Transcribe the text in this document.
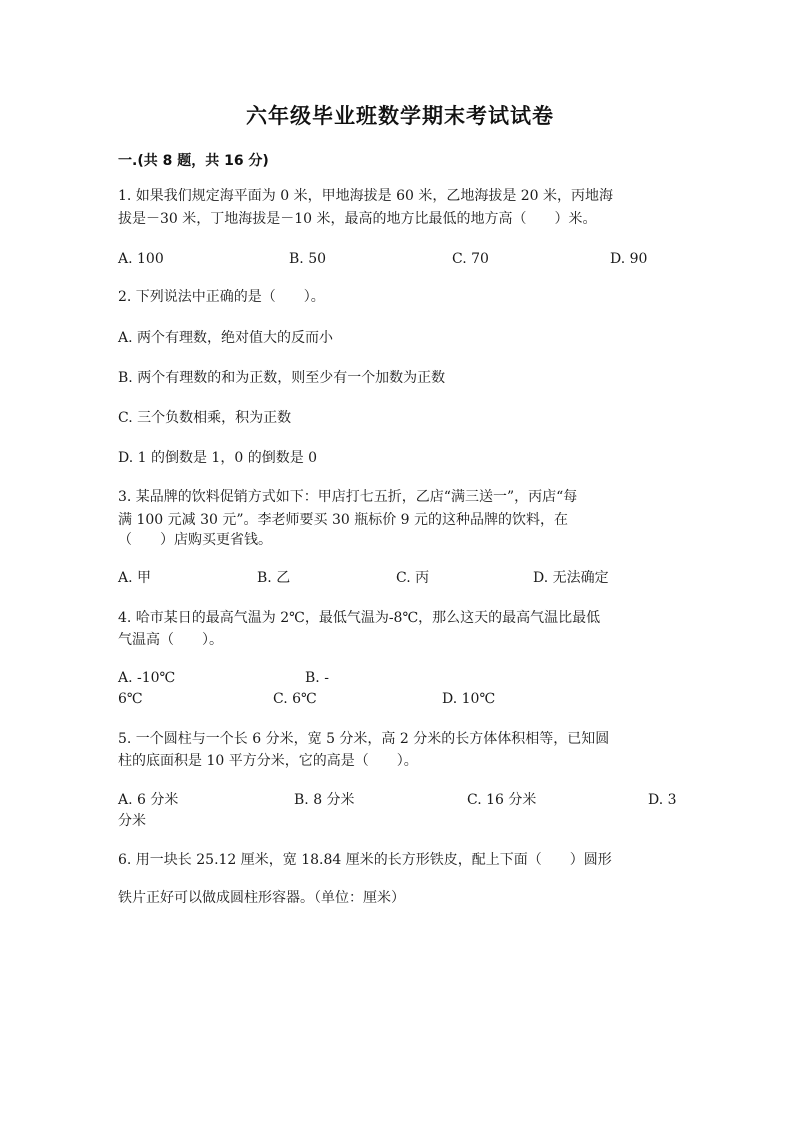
六年级毕业班数学期末考试试卷
一.(共 8 题，共 16 分)
1. 如果我们规定海平面为 0 米，甲地海拔是 60 米，乙地海拔是 20 米，丙地海
拔是－30 米，丁地海拔是－10 米，最高的地方比最低的地方高（　　）米。
A. 100	B. 50	C. 70	D. 90
2. 下列说法中正确的是（　　）。
A. 两个有理数，绝对值大的反而小
B. 两个有理数的和为正数，则至少有一个加数为正数
C. 三个负数相乘，积为正数
D. 1 的倒数是 1，0 的倒数是 0
3. 某品牌的饮料促销方式如下：甲店打七五折，乙店“满三送一”，丙店“每
满 100 元减 30 元”。李老师要买 30 瓶标价 9 元的这种品牌的饮料，在
（　　）店购买更省钱。
A. 甲	B. 乙	C. 丙	D. 无法确定
4. 哈市某日的最高气温为 2℃，最低气温为-8℃，那么这天的最高气温比最低
气温高（　　）。
A. -10℃	B. -
6℃	C. 6℃	D. 10℃
5. 一个圆柱与一个长 6 分米，宽 5 分米，高 2 分米的长方体体积相等，已知圆
柱的底面积是 10 平方分米，它的高是（　　）。
A. 6 分米	B. 8 分米	C. 16 分米	D. 3
分米
6. 用一块长 25.12 厘米，宽 18.84 厘米的长方形铁皮，配上下面（　　）圆形
铁片正好可以做成圆柱形容器。（单位：厘米）
